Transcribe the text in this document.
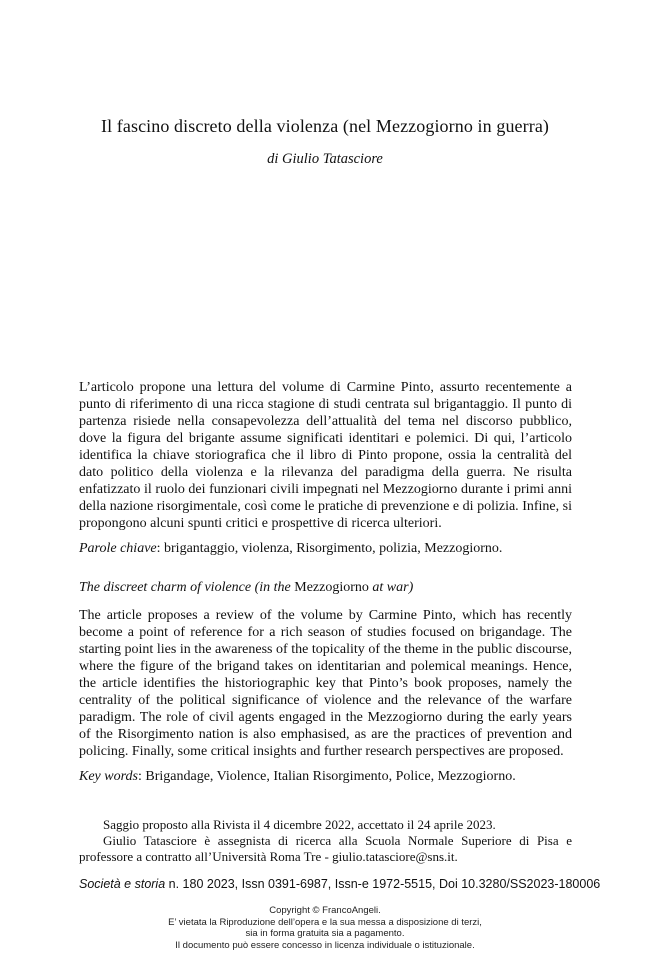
Il fascino discreto della violenza (nel Mezzogiorno in guerra)
di Giulio Tatasciore

L’articolo propone una lettura del volume di Carmine Pinto, assurto recentemente a punto di riferimento di una ricca stagione di studi centrata sul brigantaggio. Il punto di partenza risiede nella consapevolezza dell’attualità del tema nel discorso pubblico, dove la figura del brigante assume significati identitari e polemici. Di qui, l’articolo identifica la chiave storiografica che il libro di Pinto propone, ossia la centralità del dato politico della violenza e la rilevanza del paradigma della guerra. Ne risulta enfatizzato il ruolo dei funzionari civili impegnati nel Mezzogiorno durante i primi anni della nazione risorgimentale, così come le pratiche di prevenzione e di polizia. Infine, si propongono alcuni spunti critici e prospettive di ricerca ulteriori.

Parole chiave: brigantaggio, violenza, Risorgimento, polizia, Mezzogiorno.

The discreet charm of violence (in the Mezzogiorno at war)

The article proposes a review of the volume by Carmine Pinto, which has recently become a point of reference for a rich season of studies focused on brigandage. The starting point lies in the awareness of the topicality of the theme in the public discourse, where the figure of the brigand takes on identitarian and polemical meanings. Hence, the article identifies the historiographic key that Pinto’s book proposes, namely the centrality of the political significance of violence and the relevance of the warfare paradigm. The role of civil agents engaged in the Mezzogiorno during the early years of the Risorgimento nation is also emphasised, as are the practices of prevention and policing. Finally, some critical insights and further research perspectives are proposed.

Key words: Brigandage, Violence, Italian Risorgimento, Police, Mezzogiorno.

Saggio proposto alla Rivista il 4 dicembre 2022, accettato il 24 aprile 2023.

Giulio Tatasciore è assegnista di ricerca alla Scuola Normale Superiore di Pisa e professore a contratto all’Università Roma Tre - giulio.tatasciore@sns.it.

Società e storia n. 180 2023, Issn 0391-6987, Issn-e 1972-5515, Doi 10.3280/SS2023-180006
Copyright © FrancoAngeli.
E’ vietata la Riproduzione dell’opera e la sua messa a disposizione di terzi,
sia in forma gratuita sia a pagamento.
Il documento può essere concesso in licenza individuale o istituzionale.
